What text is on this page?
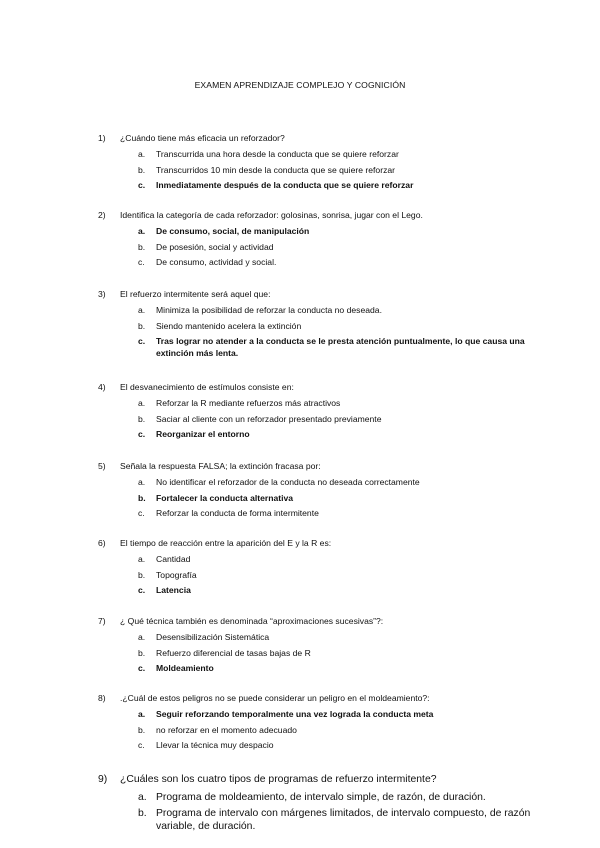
EXAMEN APRENDIZAJE COMPLEJO Y COGNICIÓN
1) ¿Cuándo tiene más eficacia un reforzador?
a. Transcurrida una hora desde la conducta que se quiere reforzar
b. Transcurridos 10 min desde la conducta que se quiere reforzar
c. Inmediatamente después de la conducta que se quiere reforzar
2) Identifica la categoría de cada reforzador: golosinas, sonrisa, jugar con el Lego.
a. De consumo, social, de manipulación
b. De posesión, social y actividad
c. De consumo, actividad y social.
3) El refuerzo intermitente será aquel que:
a. Minimiza la posibilidad de reforzar la conducta no deseada.
b. Siendo mantenido acelera la extinción
c. Tras lograr no atender a la conducta se le presta atención puntualmente, lo que causa una extinción más lenta.
4) El desvanecimiento de estímulos consiste en:
a. Reforzar la R mediante refuerzos más atractivos
b. Saciar al cliente con un reforzador presentado previamente
c. Reorganizar el entorno
5) Señala la respuesta FALSA; la extinción fracasa por:
a. No identificar el reforzador de la conducta no deseada correctamente
b. Fortalecer la conducta alternativa
c. Reforzar la conducta de forma intermitente
6) El tiempo de reacción entre la aparición del E y la R es:
a. Cantidad
b. Topografía
c. Latencia
7) ¿ Qué técnica también es denominada “aproximaciones sucesivas”?:
a. Desensibilización Sistemática
b. Refuerzo diferencial de tasas bajas de R
c. Moldeamiento
8) .¿Cuál de estos peligros no se puede considerar un peligro en el moldeamiento?:
a. Seguir reforzando temporalmente una vez lograda la conducta meta
b. no reforzar en el momento adecuado
c. Llevar la técnica muy despacio
9) ¿Cuáles son los cuatro tipos de programas de refuerzo intermitente?
a. Programa de moldeamiento, de intervalo simple, de razón, de duración.
b. Programa de intervalo con márgenes limitados, de intervalo compuesto, de razón variable, de duración.
